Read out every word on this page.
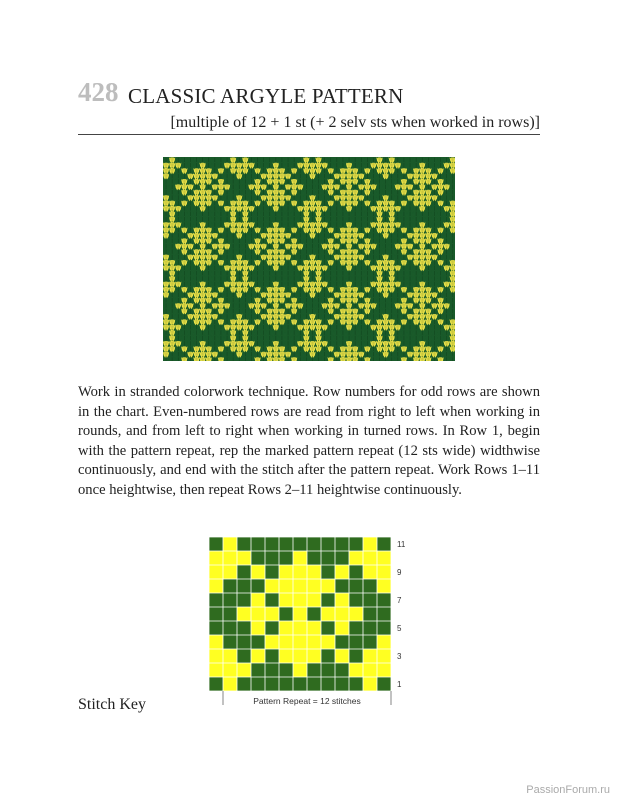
428 CLASSIC ARGYLE PATTERN
[multiple of 12 + 1 st (+ 2 selv sts when worked in rows)]
Work in stranded colorwork technique. Row numbers for odd rows are shown in the chart. Even-numbered rows are read from right to left when working in rounds, and from left to right when working in turned rows. In Row 1, begin with the pattern repeat, rep the marked pattern repeat (12 sts wide) widthwise continuously, and end with the stitch after the pattern repeat. Work Rows 1–11 once heightwise, then repeat Rows 2–11 heightwise continuously.
11
9
7
5
3
1
Pattern Repeat = 12 stitches
Stitch Key
PassionForum.ru
